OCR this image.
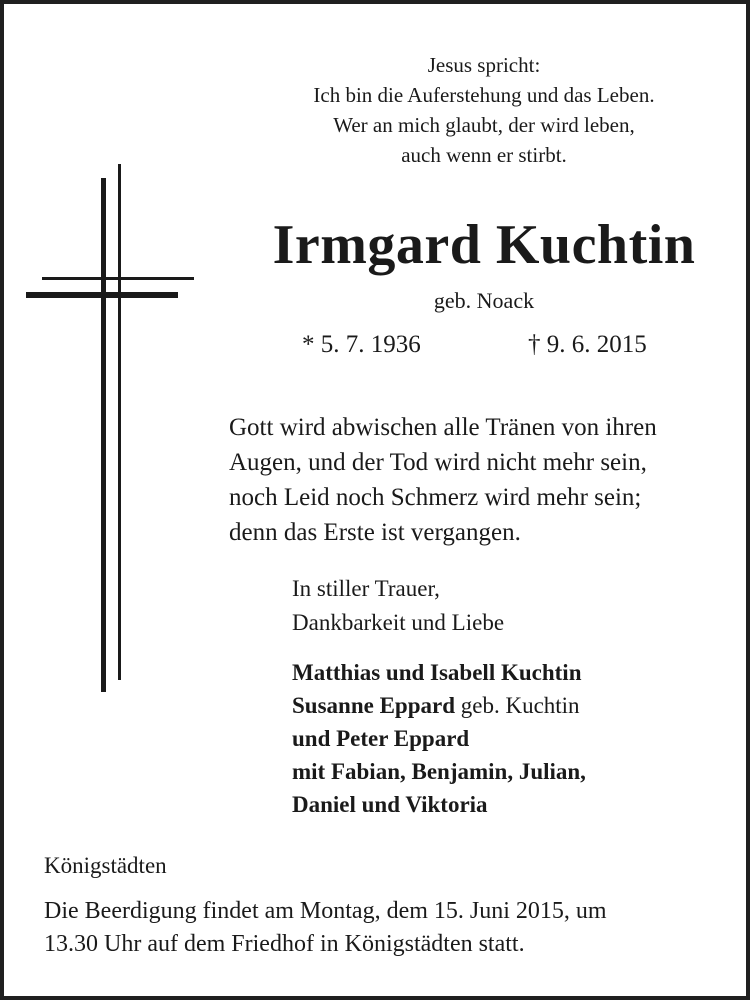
Jesus spricht:
Ich bin die Auferstehung und das Leben.
Wer an mich glaubt, der wird leben,
auch wenn er stirbt.
Irmgard Kuchtin
geb. Noack
* 5. 7. 1936	† 9. 6. 2015
Gott wird abwischen alle Tränen von ihren
Augen, und der Tod wird nicht mehr sein,
noch Leid noch Schmerz wird mehr sein;
denn das Erste ist vergangen.
In stiller Trauer,
Dankbarkeit und Liebe
Matthias und Isabell Kuchtin
Susanne Eppard geb. Kuchtin
und Peter Eppard
mit Fabian, Benjamin, Julian,
Daniel und Viktoria
Königstädten
Die Beerdigung findet am Montag, dem 15. Juni 2015, um
13.30 Uhr auf dem Friedhof in Königstädten statt.
